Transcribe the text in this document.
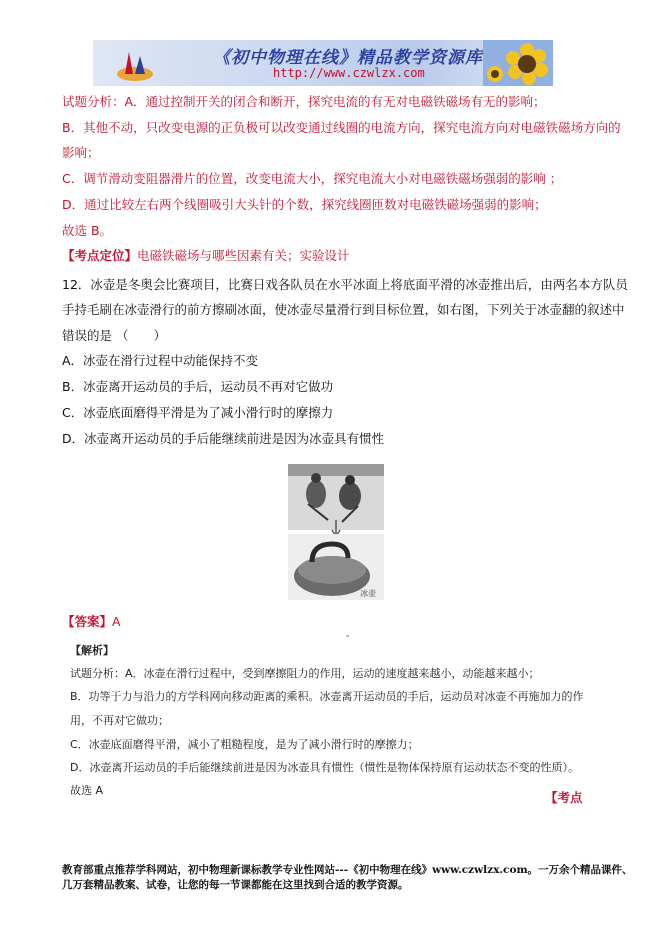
《初中物理在线》精品教学资源库
http://www.czwlzx.com
试题分析：A．通过控制开关的闭合和断开，探究电流的有无对电磁铁磁场有无的影响；
B．其他不动，只改变电源的正负极可以改变通过线圈的电流方向，探究电流方向对电磁铁磁场方向的
影响；
C．调节滑动变阻器滑片的位置，改变电流大小，探究电流大小对电磁铁磁场强弱的影响 ；
D．通过比较左右两个线圈吸引大头针的个数，探究线圈匝数对电磁铁磁场强弱的影响；
故选 B。
【考点定位】电磁铁磁场与哪些因素有关；实验设计
12．冰壶是冬奥会比赛项目，比赛日戏各队员在水平冰面上将底面平滑的冰壶推出后，由两名本方队员
手持毛刷在冰壶滑行的前方擦刷冰面，使冰壶尽量滑行到目标位置，如右图，下列关于冰壶翻的叙述中
错误的是 （　　）
A．冰壶在滑行过程中动能保持不变
B．冰壶离开运动员的手后，运动员不再对它做功
C．冰壶底面磨得平滑是为了减小滑行时的摩擦力
D．冰壶离开运动员的手后能继续前进是因为冰壶具有惯性
冰壶
【答案】A
【解析】
试题分析：A．冰壶在滑行过程中，受到摩擦阻力的作用，运动的速度越来越小，动能越来越小；
B．功等于力与沿力的方学科网向移动距离的乘积。冰壶离开运动员的手后，运动员对冰壶不再施加力的作
用，不再对它做功；
C．冰壶底面磨得平滑，减小了粗糙程度，是为了减小滑行时的摩擦力；
D．冰壶离开运动员的手后能继续前进是因为冰壶具有惯性（惯性是物体保持原有运动状态不变的性质）。
故选 A	【考点
教育部重点推荐学科网站，初中物理新课标教学专业性网站---《初中物理在线》www.czwlzx.com。一万余个精品课件、
几万套精品教案、试卷，让您的每一节课都能在这里找到合适的教学资源。
